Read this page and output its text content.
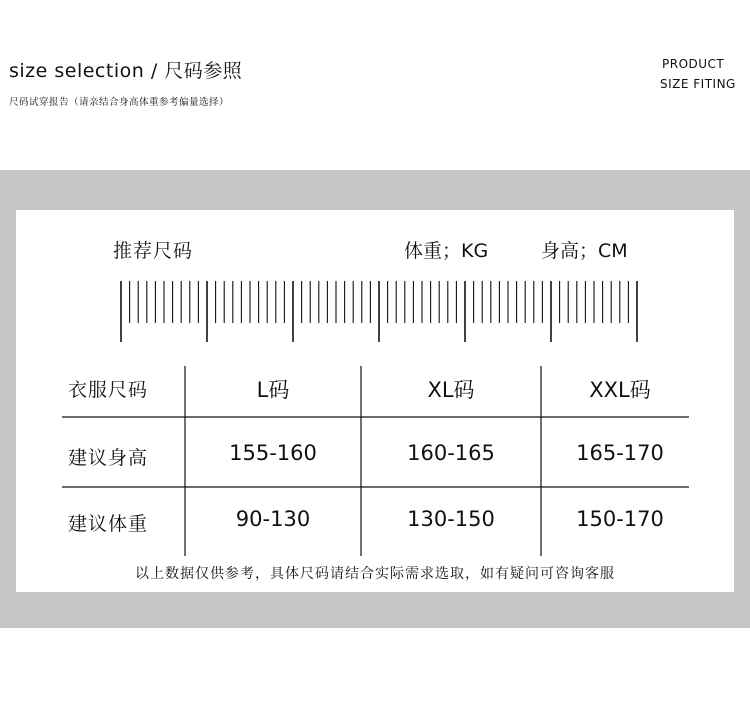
size selection / 尺码参照
尺码试穿报告（请亲结合身高体重参考偏量选择）
PRODUCT
SIZE FITING
推荐尺码	体重；KG	身高；CM
衣服尺码	L码	XL码	XXL码
建议身高	155-160	160-165	165-170
建议体重	90-130	130-150	150-170
以上数据仅供参考，具体尺码请结合实际需求选取，如有疑问可咨询客服
